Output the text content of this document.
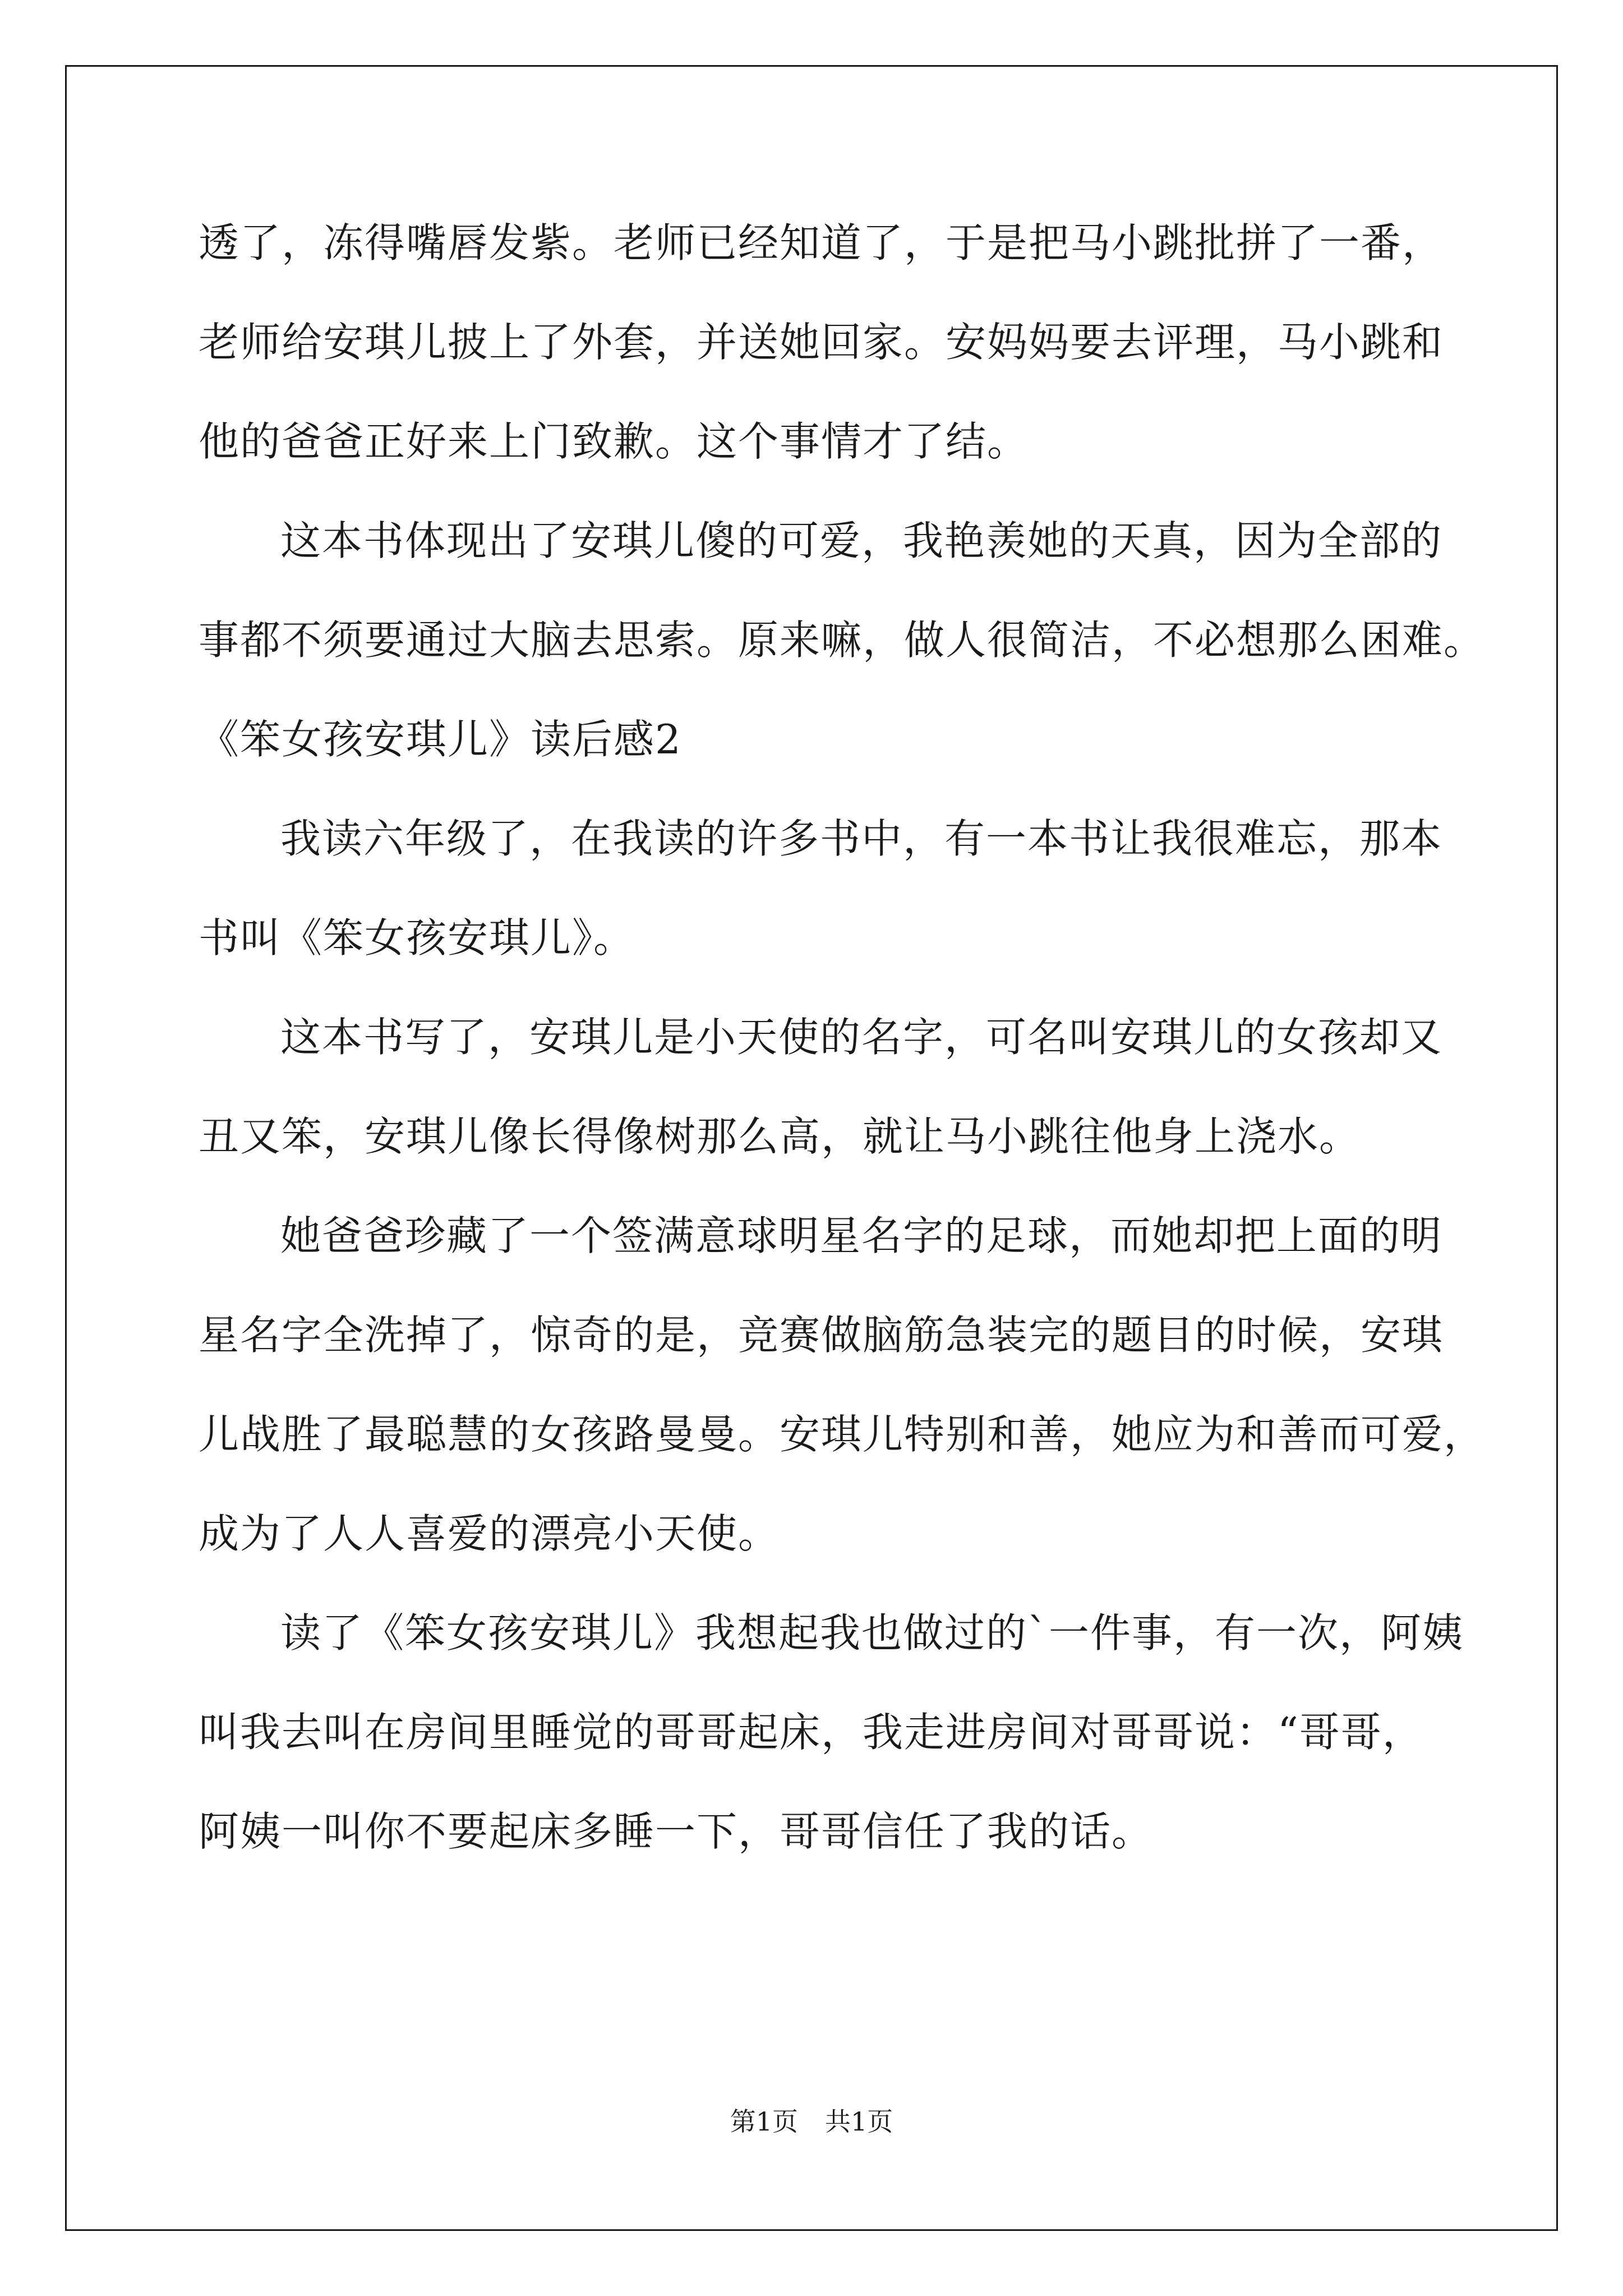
透了，冻得嘴唇发紫。老师已经知道了，于是把马小跳批拼了一番，
老师给安琪儿披上了外套，并送她回家。安妈妈要去评理，马小跳和
他的爸爸正好来上门致歉。这个事情才了结。
这本书体现出了安琪儿傻的可爱，我艳羡她的天真，因为全部的
事都不须要通过大脑去思索。原来嘛，做人很简洁，不必想那么困难。
《笨女孩安琪儿》读后感2
我读六年级了，在我读的许多书中，有一本书让我很难忘，那本
书叫《笨女孩安琪儿》。
这本书写了，安琪儿是小天使的名字，可名叫安琪儿的女孩却又
丑又笨，安琪儿像长得像树那么高，就让马小跳往他身上浇水。
她爸爸珍藏了一个签满意球明星名字的足球，而她却把上面的明
星名字全洗掉了，惊奇的是，竞赛做脑筋急装完的题目的时候，安琪
儿战胜了最聪慧的女孩路曼曼。安琪儿特别和善，她应为和善而可爱，
成为了人人喜爱的漂亮小天使。
读了《笨女孩安琪儿》我想起我也做过的`一件事，有一次，阿姨
叫我去叫在房间里睡觉的哥哥起床，我走进房间对哥哥说：“哥哥，
阿姨一叫你不要起床多睡一下，哥哥信任了我的话。
第1页 共1页
